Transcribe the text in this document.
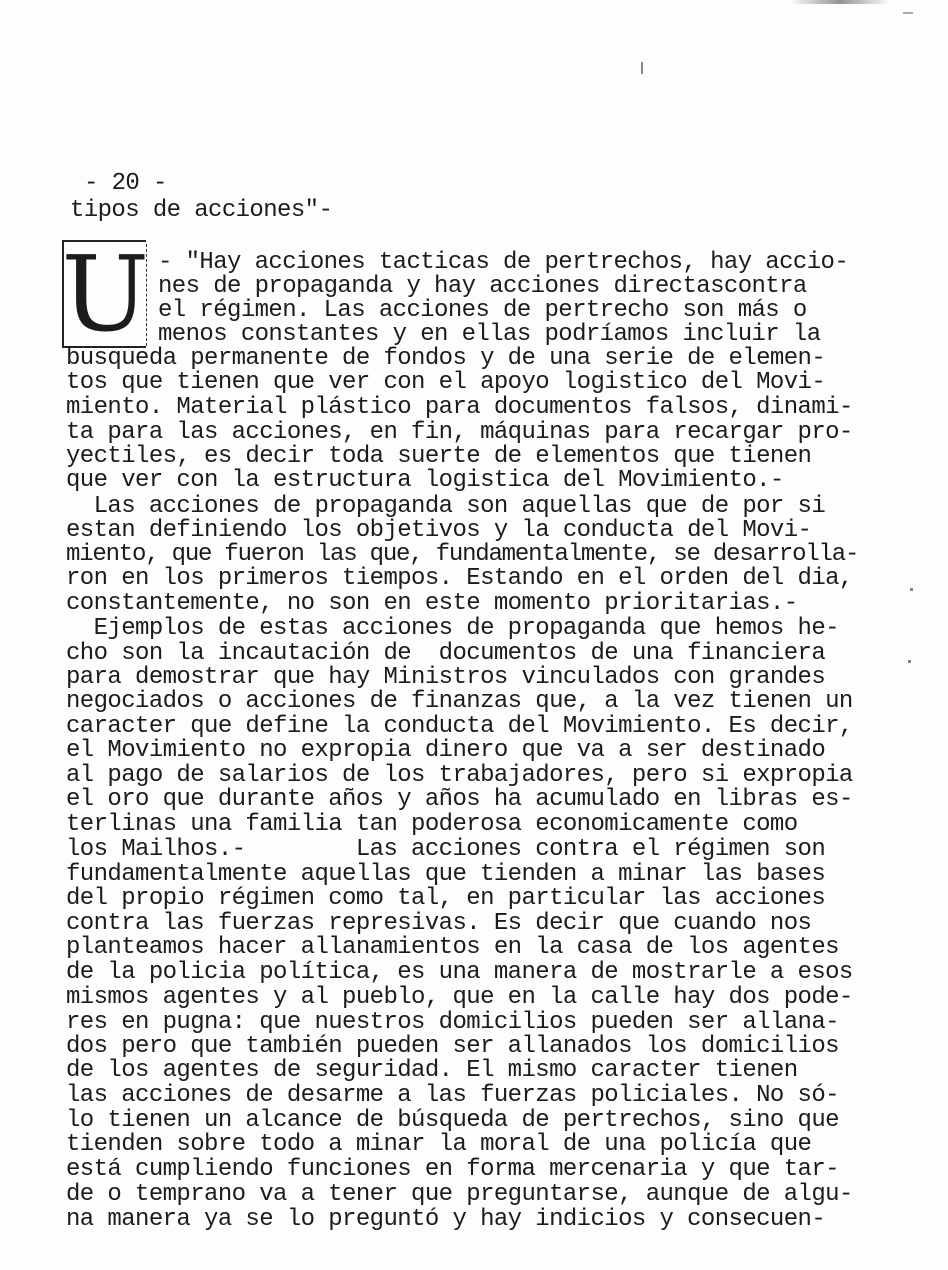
- 20 -
tipos de acciones"-
U - "Hay acciones tacticas de pertrechos, hay accio-
nes de propaganda y hay acciones directascontra
el régimen. Las acciones de pertrecho son más o
menos constantes y en ellas podríamos incluir la
busqueda permanente de fondos y de una serie de elemen-
tos que tienen que ver con el apoyo logistico del Movi-
miento. Material plástico para documentos falsos, dinami-
ta para las acciones, en fin, máquinas para recargar pro-
yectiles, es decir toda suerte de elementos que tienen
que ver con la estructura logistica del Movimiento.-
Las acciones de propaganda son aquellas que de por si
estan definiendo los objetivos y la conducta del Movi-
miento, que fueron las que, fundamentalmente, se desarrolla-
ron en los primeros tiempos. Estando en el orden del dia,
constantemente, no son en este momento prioritarias.-
Ejemplos de estas acciones de propaganda que hemos he-
cho son la incautación de  documentos de una financiera
para demostrar que hay Ministros vinculados con grandes
negociados o acciones de finanzas que, a la vez tienen un
caracter que define la conducta del Movimiento. Es decir,
el Movimiento no expropia dinero que va a ser destinado
al pago de salarios de los trabajadores, pero si expropia
el oro que durante años y años ha acumulado en libras es-
terlinas una familia tan poderosa economicamente como
los Mailhos.-        Las acciones contra el régimen son
fundamentalmente aquellas que tienden a minar las bases
del propio régimen como tal, en particular las acciones
contra las fuerzas represivas. Es decir que cuando nos
planteamos hacer allanamientos en la casa de los agentes
de la policia política, es una manera de mostrarle a esos
mismos agentes y al pueblo, que en la calle hay dos pode-
res en pugna: que nuestros domicilios pueden ser allana-
dos pero que también pueden ser allanados los domicilios
de los agentes de seguridad. El mismo caracter tienen
las acciones de desarme a las fuerzas policiales. No só-
lo tienen un alcance de búsqueda de pertrechos, sino que
tienden sobre todo a minar la moral de una policía que
está cumpliendo funciones en forma mercenaria y que tar-
de o temprano va a tener que preguntarse, aunque de algu-
na manera ya se lo preguntó y hay indicios y consecuen-
